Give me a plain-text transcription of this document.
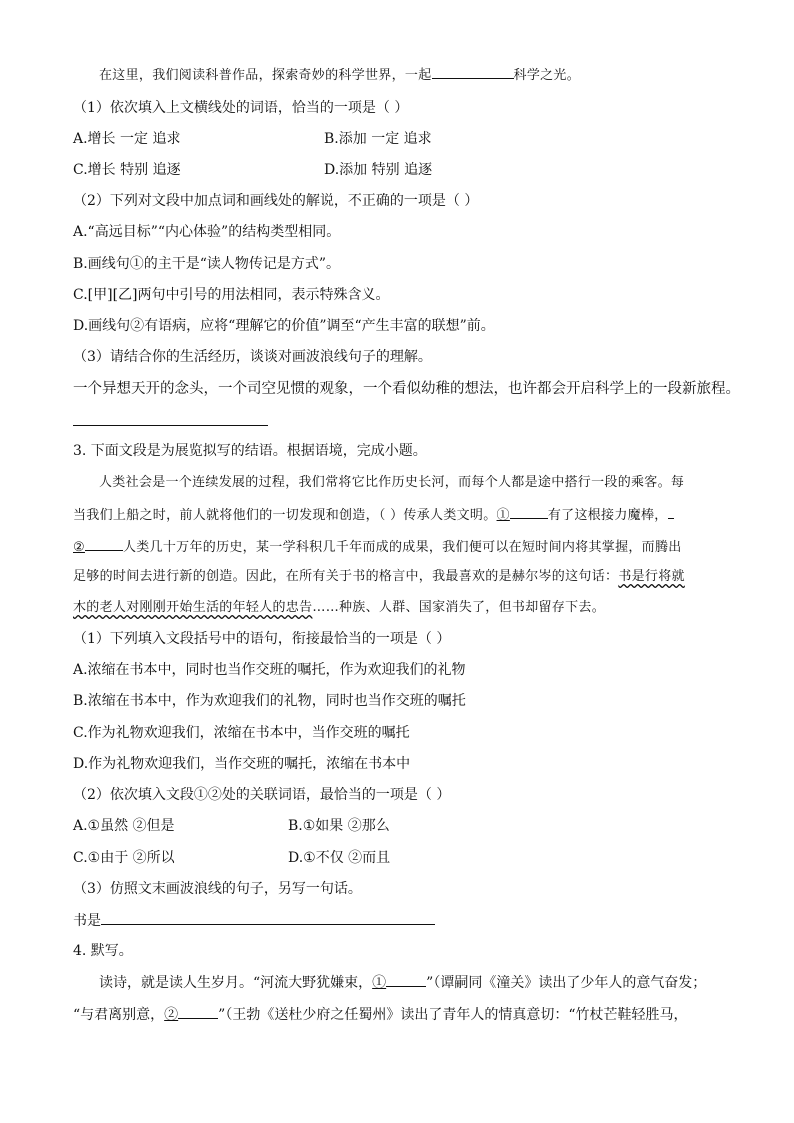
在这里，我们阅读科普作品，探索奇妙的科学世界，一起	科学之光。
（1）依次填入上文横线处的词语，恰当的一项是（ ）
A.增长 一定 追求	B.添加 一定 追求
C.增长 特别 追逐	D.添加 特别 追逐
（2）下列对文段中加点词和画线处的解说，不正确的一项是（ ）
A.“高远目标”“内心体验”的结构类型相同。
B.画线句①的主干是“读人物传记是方式”。
C.[甲][乙]两句中引号的用法相同，表示特殊含义。
D.画线句②有语病，应将“理解它的价值”调至“产生丰富的联想”前。
（3）请结合你的生活经历，谈谈对画波浪线句子的理解。
一个异想天开的念头，一个司空见惯的观象，一个看似幼稚的想法，也许都会开启科学上的一段新旅程。
3. 下面文段是为展览拟写的结语。根据语境，完成小题。
人类社会是一个连续发展的过程，我们常将它比作历史长河，而每个人都是途中搭行一段的乘客。每
当我们上船之时，前人就将他们的一切发现和创造，（ ）传承人类文明。①	有了这根接力魔棒，
②	人类几十万年的历史，某一学科积几千年而成的成果，我们便可以在短时间内将其掌握，而腾出
足够的时间去进行新的创造。因此，在所有关于书的格言中，我最喜欢的是赫尔岑的这句话：书是行将就
木的老人对刚刚开始生活的年轻人的忠告……种族、人群、国家消失了，但书却留存下去。
（1）下列填入文段括号中的语句，衔接最恰当的一项是（ ）
A.浓缩在书本中，同时也当作交班的嘱托，作为欢迎我们的礼物
B.浓缩在书本中，作为欢迎我们的礼物，同时也当作交班的嘱托
C.作为礼物欢迎我们，浓缩在书本中，当作交班的嘱托
D.作为礼物欢迎我们，当作交班的嘱托，浓缩在书本中
（2）依次填入文段①②处的关联词语，最恰当的一项是（ ）
A.①虽然 ②但是	B.①如果 ②那么
C.①由于 ②所以	D.①不仅 ②而且
（3）仿照文末画波浪线的句子，另写一句话。
书是
4. 默写。
读诗，就是读人生岁月。“河流大野犹嫌束，①	”（谭嗣同《潼关》读出了少年人的意气奋发；
“与君离别意，②	”（王勃《送杜少府之任蜀州》读出了青年人的情真意切：“竹杖芒鞋轻胜马，
